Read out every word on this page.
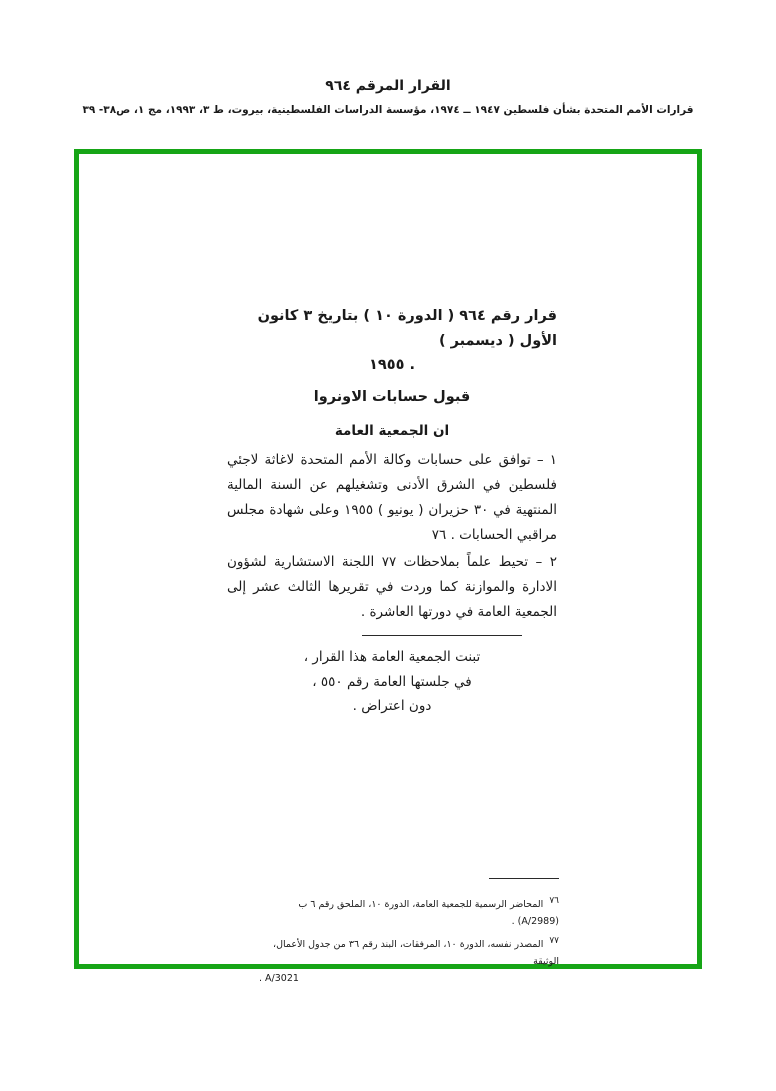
القرار المرقم ٩٦٤
قرارات الأمم المتحدة بشأن فلسطين ١٩٤٧ ــ ١٩٧٤، مؤسسة الدراسات الفلسطينية، بيروت، ط ٣، ١٩٩٣، مج ١، ص٣٨- ٣٩
قرار رقم ٩٦٤ ( الدورة ١٠ ) بتاريخ ٣ كانون الأول ( ديسمبر )
. ١٩٥٥
قبول حسابات الاونروا
ان الجمعية العامة
١ – توافق على حسابات وكالة الأمم المتحدة لاغاثة لاجئي فلسطين في الشرق الأدنى وتشغيلهم عن السنة المالية المنتهية في ٣٠ حزيران ( يونيو ) ١٩٥٥ وعلى شهادة مجلس مراقبي الحسابات . ٧٦
٢ – تحيط علماً بملاحظات ٧٧ اللجنة الاستشارية لشؤون الادارة والموازنة كما وردت في تقريرها الثالث عشر إلى الجمعية العامة في دورتها العاشرة .
تبنت الجمعية العامة هذا القرار ،
في جلستها العامة رقم ٥٥٠ ،
دون اعتراض .
٧٦المحاضر الرسمية للجمعية العامة، الدورة ١٠، الملحق رقم ٦ ب (A/2989) .
٧٧المصدر نفسه، الدورة ١٠، المرفقات، البند رقم ٣٦ من جدول الأعمال، الوثيقة
. A/3021
